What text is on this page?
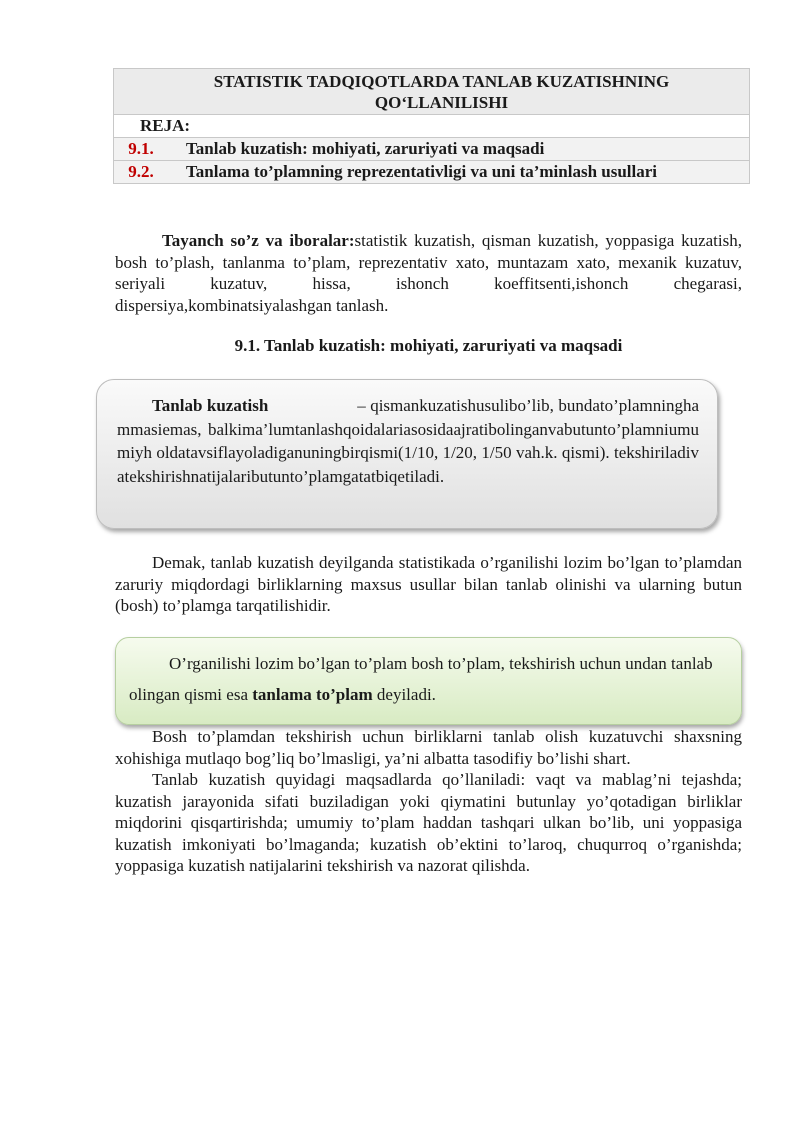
STATISTIK TADQIQOTLARDA TANLAB KUZATISHNING QO‘LLANILISHI	
REJA:	
9.1.	Tanlab kuzatish: mohiyati, zaruriyati va maqsadi
9.2.	Tanlama to’plamning reprezentativligi va uni ta’minlash usullari

Tayanch so’z va iboralar:statistik kuzatish, qisman kuzatish, yoppasiga kuzatish, bosh to’plash, tanlanma to’plam, reprezentativ xato, muntazam xato, mexanik kuzatuv, seriyali kuzatuv, hissa, ishonch koeffitsenti,ishonch chegarasi, dispersiya,kombinatsiyalashgan tanlash.

9.1. Tanlab kuzatish: mohiyati, zaruriyati va maqsadi

Tanlab kuzatish	– qismankuzatishusulibo’lib, bundato’plamninghammasiemas, balkima’lumtanlashqoidalariasosidaajratibolinganvabutunto’plamniumumiyh oldatavsiflayoladiganuningbirqismi(1/10, 1/20, 1/50 vah.k. qismi). tekshiriladivatekshirishnatijalaributunto’plamgatatbiqetiladi.

Demak, tanlab kuzatish deyilganda statistikada o’rganilishi lozim bo’lgan to’plamdan zaruriy miqdordagi birliklarning maxsus usullar bilan tanlab olinishi va ularning butun (bosh) to’plamga tarqatilishidir.

O’rganilishi lozim bo’lgan to’plam bosh to’plam, tekshirish uchun undan tanlab olingan qismi esa tanlama to’plam deyiladi.

Bosh to’plamdan tekshirish uchun birliklarni tanlab olish kuzatuvchi shaxsning xohishiga mutlaqo bog’liq bo’lmasligi, ya’ni albatta tasodifiy bo’lishi shart.

Tanlab kuzatish quyidagi maqsadlarda qo’llaniladi: vaqt va mablag’ni tejashda; kuzatish jarayonida sifati buziladigan yoki qiymatini butunlay yo’qotadigan birliklar miqdorini qisqartirishda; umumiy to’plam haddan tashqari ulkan bo’lib, uni yoppasiga kuzatish imkoniyati bo’lmaganda; kuzatish ob’ektini to’laroq, chuqurroq o’rganishda; yoppasiga kuzatish natijalarini tekshirish va nazorat qilishda.
